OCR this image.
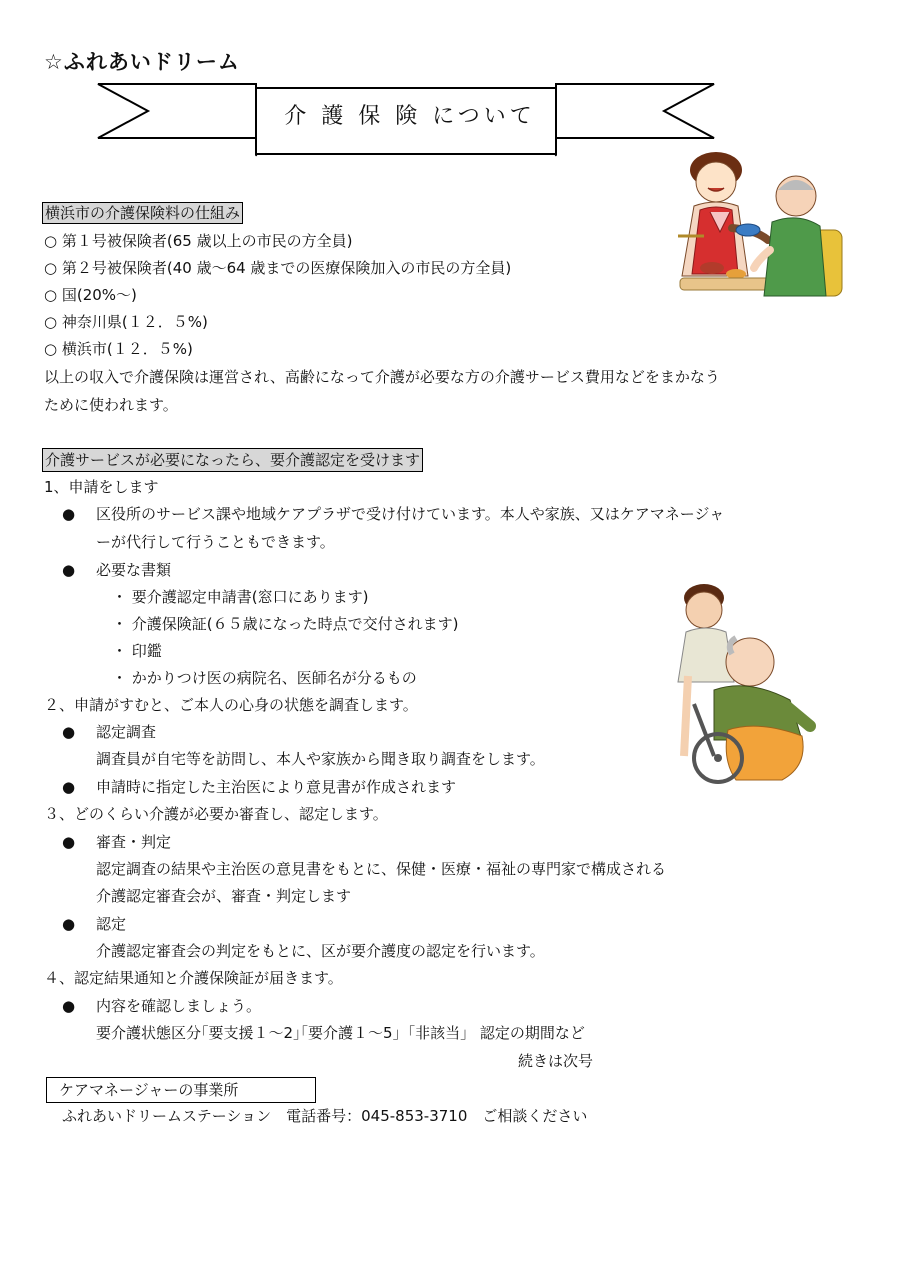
☆ふれあいドリーム
介 護 保 険 について
横浜市の介護保険料の仕組み
○ 第１号被保険者(65 歳以上の市民の方全員)
○ 第２号被保険者(40 歳～64 歳までの医療保険加入の市民の方全員)
○ 国(20%～)
○ 神奈川県(１２．５%)
○ 横浜市(１２．５%)
以上の収入で介護保険は運営され、高齢になって介護が必要な方の介護サービス費用などをまかなう
ために使われます。
介護サービスが必要になったら、要介護認定を受けます
1、申請をします
● 区役所のサービス課や地域ケアプラザで受け付けています。本人や家族、又はケアマネージャ
ーが代行して行うこともできます。
● 必要な書類
・ 要介護認定申請書(窓口にあります)
・ 介護保険証(６５歳になった時点で交付されます)
・ 印鑑
・ かかりつけ医の病院名、医師名が分るもの
２、申請がすむと、ご本人の心身の状態を調査します。
● 認定調査
調査員が自宅等を訪問し、本人や家族から聞き取り調査をします。
● 申請時に指定した主治医により意見書が作成されます
３、どのくらい介護が必要か審査し、認定します。
● 審査・判定
認定調査の結果や主治医の意見書をもとに、保健・医療・福祉の専門家で構成される
介護認定審査会が、審査・判定します
● 認定
介護認定審査会の判定をもとに、区が要介護度の認定を行います。
４、認定結果通知と介護保険証が届きます。
● 内容を確認しましょう。
要介護状態区分｢要支援１～2｣｢要介護１～5｣「非該当」 認定の期間など
続きは次号
ケアマネージャーの事業所
ふれあいドリームステーション　電話番号：045-853-3710　ご相談ください
